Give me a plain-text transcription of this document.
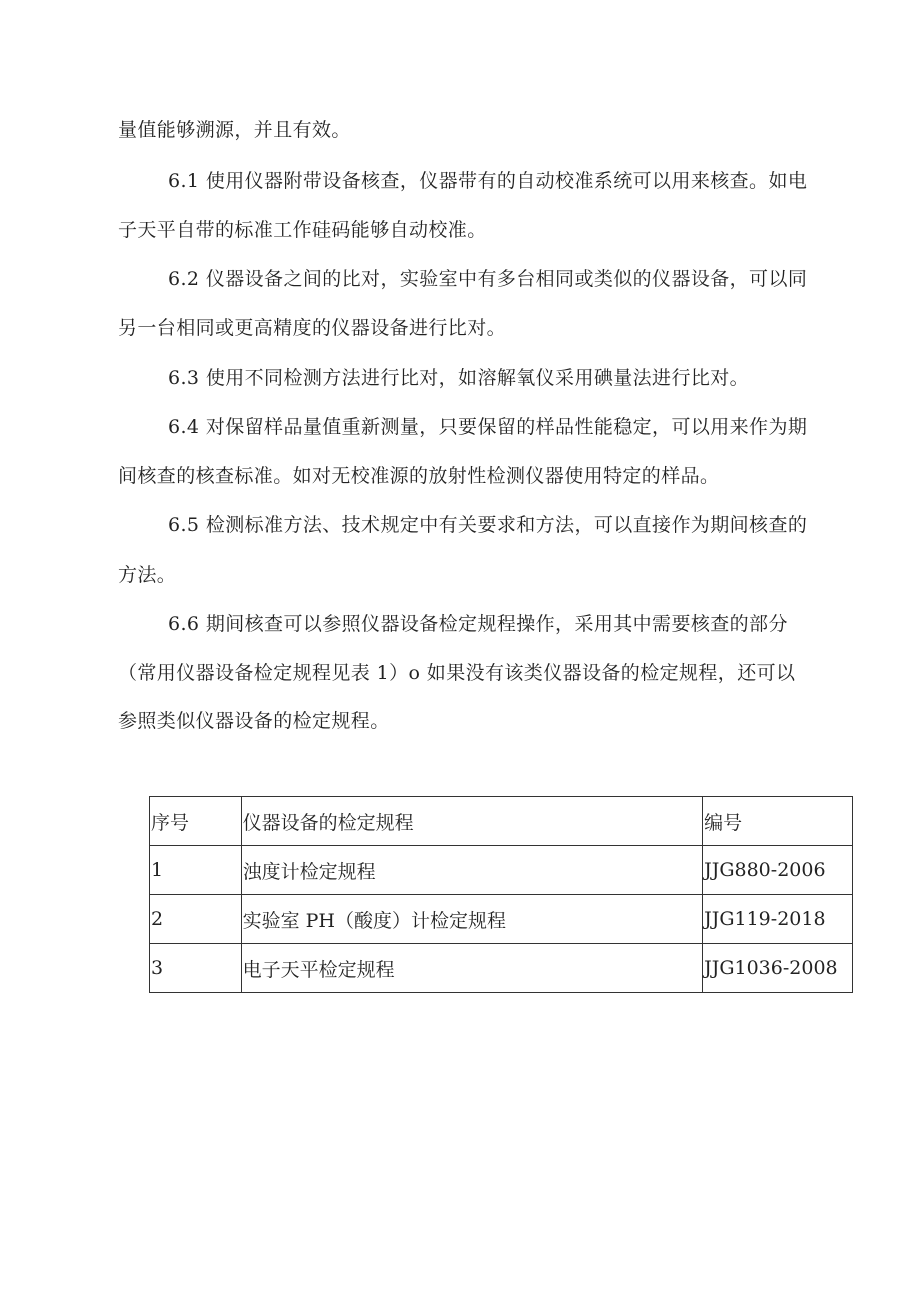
量值能够溯源，并且有效。
6.1 使用仪器附带设备核查，仪器带有的自动校准系统可以用来核查。如电
子天平自带的标准工作硅码能够自动校准。
6.2 仪器设备之间的比对，实验室中有多台相同或类似的仪器设备，可以同
另一台相同或更高精度的仪器设备进行比对。
6.3 使用不同检测方法进行比对，如溶解氧仪采用碘量法进行比对。
6.4 对保留样品量值重新测量，只要保留的样品性能稳定，可以用来作为期
间核查的核查标准。如对无校准源的放射性检测仪器使用特定的样品。
6.5 检测标准方法、技术规定中有关要求和方法，可以直接作为期间核查的
方法。
6.6 期间核查可以参照仪器设备检定规程操作，采用其中需要核查的部分
（常用仪器设备检定规程见表 1）o 如果没有该类仪器设备的检定规程，还可以
参照类似仪器设备的检定规程。
序号	仪器设备的检定规程	编号
1	浊度计检定规程	JJG880-2006
2	实验室 PH（酸度）计检定规程	JJG119-2018
3	电子天平检定规程	JJG1036-2008
